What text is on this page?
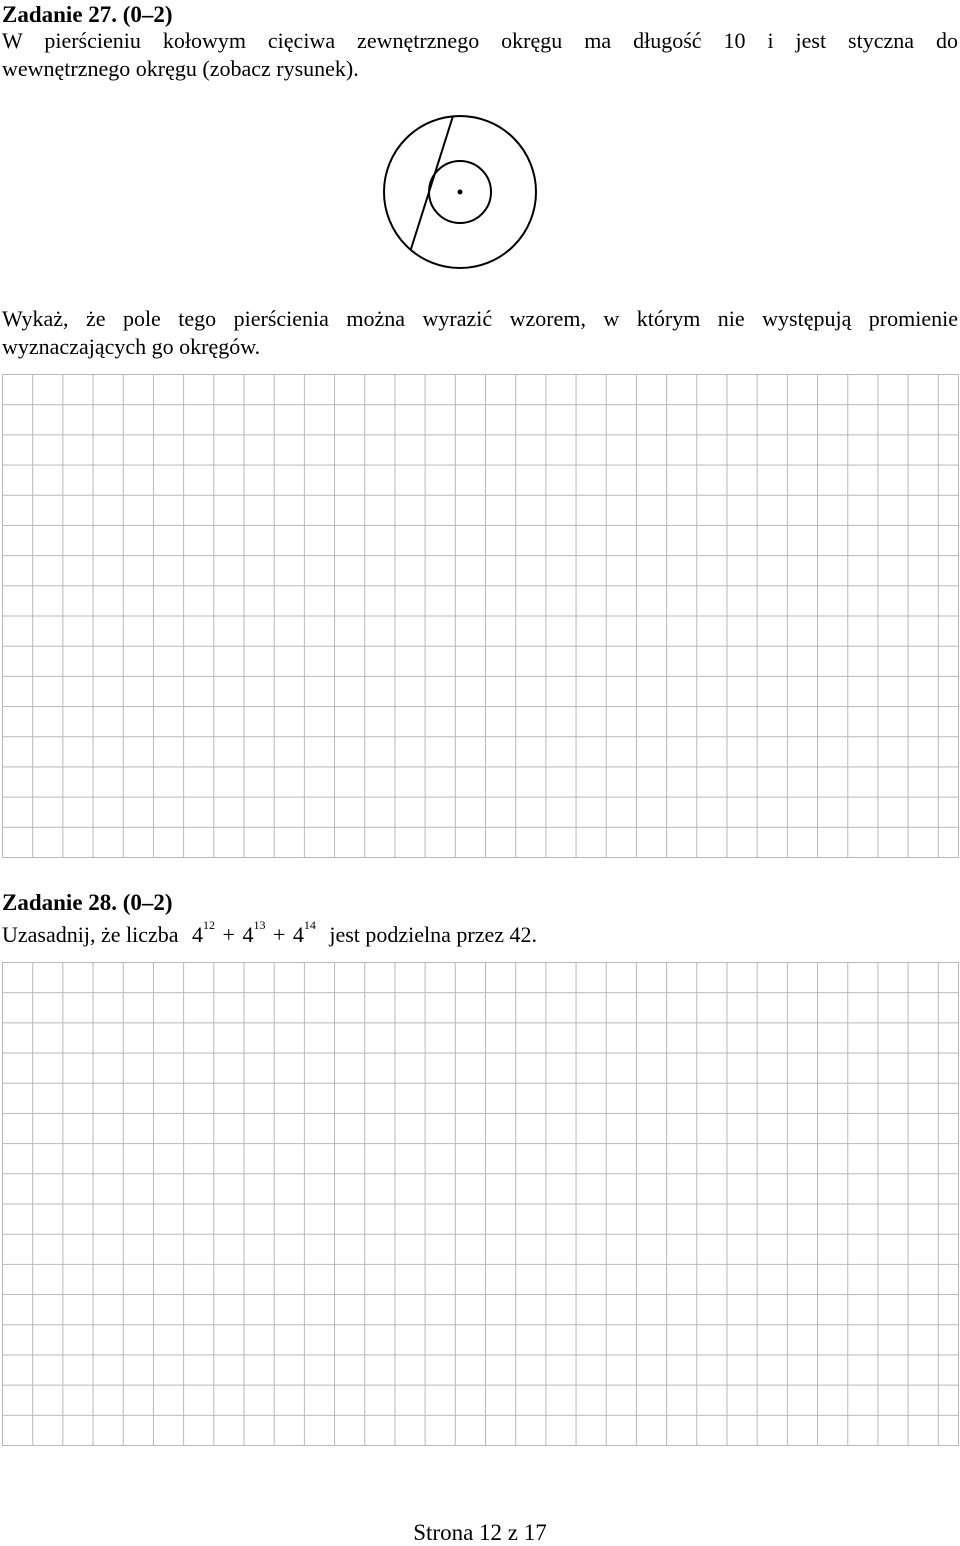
Zadanie 27. (0–2)
W pierścieniu kołowym cięciwa zewnętrznego okręgu ma długość 10 i jest styczna do
wewnętrznego okręgu (zobacz rysunek).
Wykaż, że pole tego pierścienia można wyrazić wzorem, w którym nie występują promienie
wyznaczających go okręgów.
Zadanie 28. (0–2)
Uzasadnij, że liczba $4^{12} + 4^{13} + 4^{14}$ jest podzielna przez 42.
Strona 12 z 17
